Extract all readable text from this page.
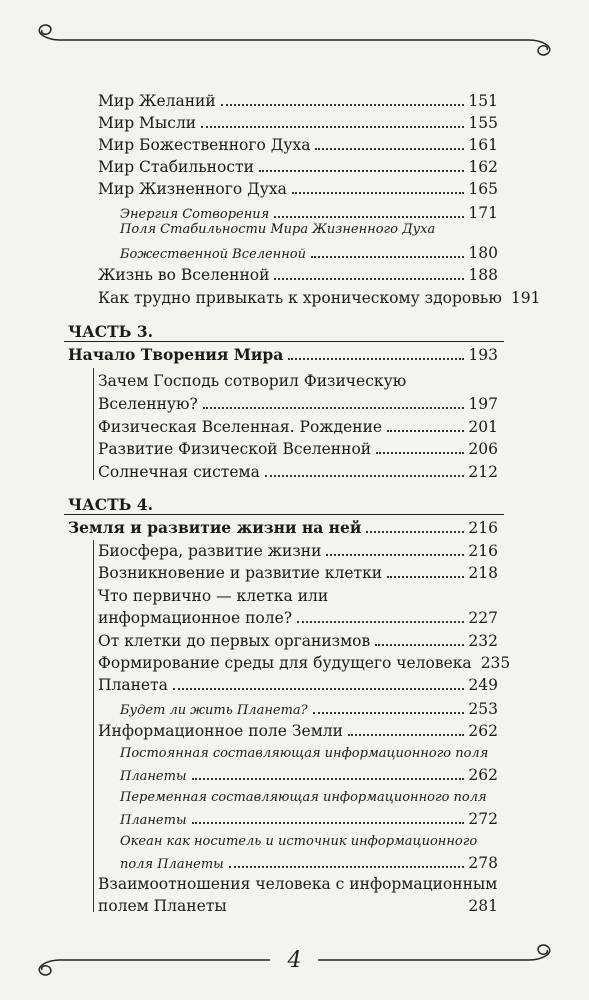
Мир Желаний	151
Мир Мысли	155
Мир Божественного Духа	161
Мир Стабильности	162
Мир Жизненного Духа	165
Энергия Сотворения	171
Поля Стабильности Мира Жизненного Духа
Божественной Вселенной	180
Жизнь во Вселенной	188
Как трудно привыкать к хроническому здоровью 191
ЧАСТЬ 3.
Начало Творения Мира	193
Зачем Господь сотворил Физическую
Вселенную?	197
Физическая Вселенная. Рождение	201
Развитие Физической Вселенной	206
Солнечная система	212
ЧАСТЬ 4.
Земля и развитие жизни на ней	216
Биосфера, развитие жизни	216
Возникновение и развитие клетки	218
Что первично — клетка или
информационное поле?	227
От клетки до первых организмов	232
Формирование среды для будущего человека 235
Планета	249
Будет ли жить Планета?	253
Информационное поле Земли	262
Постоянная составляющая информационного поля
Планеты	262
Переменная составляющая информационного поля
Планеты	272
Океан как носитель и источник информационного
поля Планеты	278
Взаимоотношения человека с информационным
полем Планеты	281
4
